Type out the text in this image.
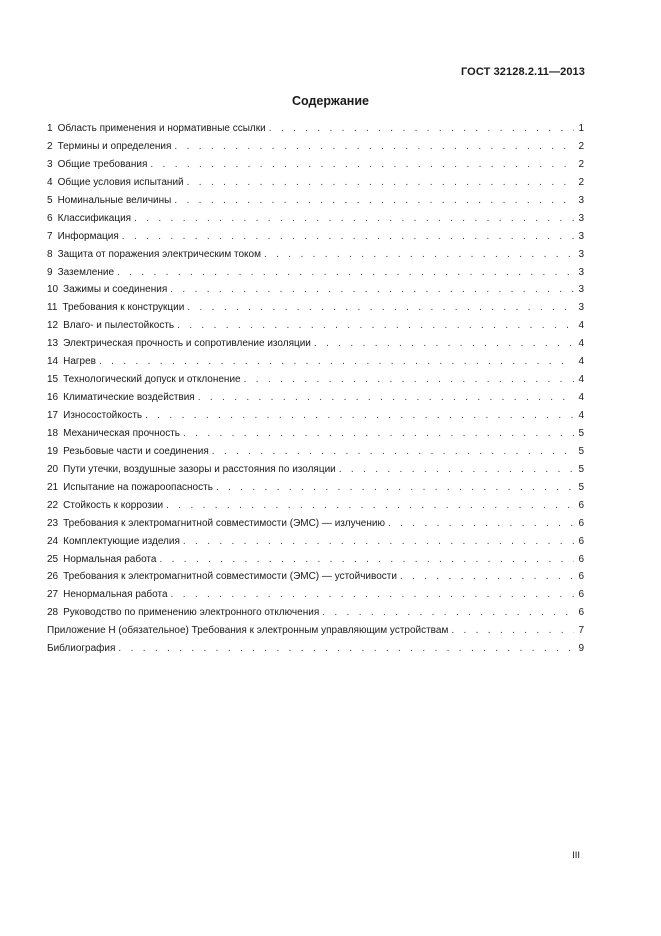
ГОСТ 32128.2.11—2013
Содержание
1 Область применения и нормативные ссылки . . .	1
2 Термины и определения . . .	2
3 Общие требования . . .	2
4 Общие условия испытаний . . .	2
5 Номинальные величины . . .	3
6 Классификация . . .	3
7 Информация . . .	3
8 Защита от поражения электрическим током . . .	3
9 Заземление . . .	3
10 Зажимы и соединения . . .	3
11 Требования к конструкции . . .	3
12 Влаго- и пылестойкость . . .	4
13 Электрическая прочность и сопротивление изоляции . . .	4
14 Нагрев . . .	4
15 Технологический допуск и отклонение . . .	4
16 Климатические воздействия . . .	4
17 Износостойкость . . .	4
18 Механическая прочность . . .	5
19 Резьбовые части и соединения . . .	5
20 Пути утечки, воздушные зазоры и расстояния по изоляции . . .	5
21 Испытание на пожароопасность . . .	5
22 Стойкость к коррозии . . .	6
23 Требования к электромагнитной совместимости (ЭМС) — излучению . . .	6
24 Комплектующие изделия . . .	6
25 Нормальная работа . . .	6
26 Требования к электромагнитной совместимости (ЭМС) — устойчивости . . .	6
27 Ненормальная работа . . .	6
28 Руководство по применению электронного отключения . . .	6
Приложение Н (обязательное) Требования к электронным управляющим устройствам . . .	7
Библиография . . .	9
III
